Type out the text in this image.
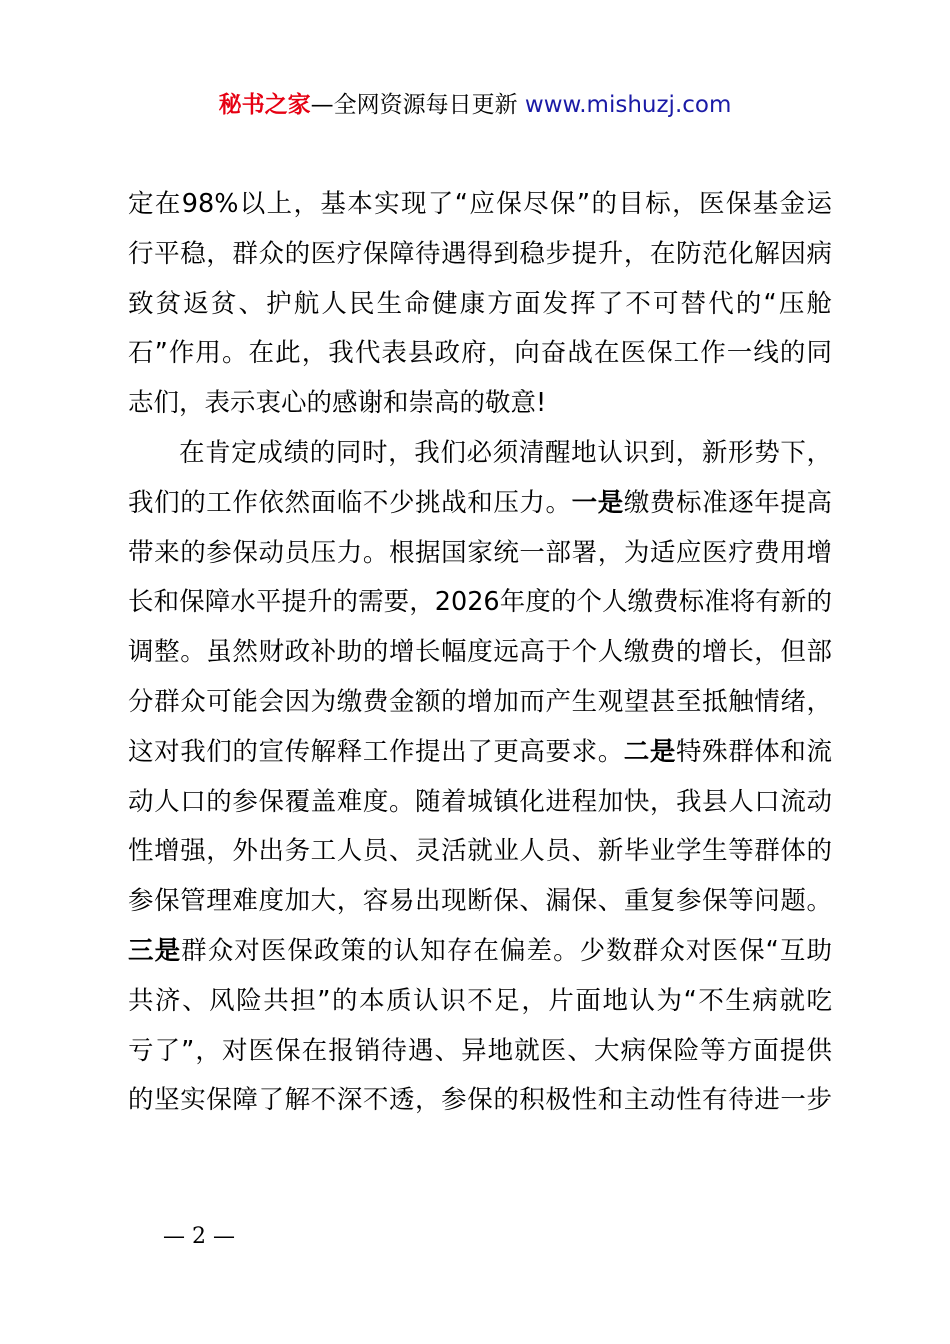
秘书之家—全网资源每日更新 www.mishuzj.com
定在98%以上，基本实现了“应保尽保”的目标，医保基金运
行平稳，群众的医疗保障待遇得到稳步提升，在防范化解因病
致贫返贫、护航人民生命健康方面发挥了不可替代的“压舱
石”作用。在此，我代表县政府，向奋战在医保工作一线的同
志们，表示衷心的感谢和崇高的敬意!
在肯定成绩的同时，我们必须清醒地认识到，新形势下，
我们的工作依然面临不少挑战和压力。一是缴费标准逐年提高
带来的参保动员压力。根据国家统一部署，为适应医疗费用增
长和保障水平提升的需要，2026年度的个人缴费标准将有新的
调整。虽然财政补助的增长幅度远高于个人缴费的增长，但部
分群众可能会因为缴费金额的增加而产生观望甚至抵触情绪，
这对我们的宣传解释工作提出了更高要求。二是特殊群体和流
动人口的参保覆盖难度。随着城镇化进程加快，我县人口流动
性增强，外出务工人员、灵活就业人员、新毕业学生等群体的
参保管理难度加大，容易出现断保、漏保、重复参保等问题。
三是群众对医保政策的认知存在偏差。少数群众对医保“互助
共济、风险共担”的本质认识不足，片面地认为“不生病就吃
亏了”，对医保在报销待遇、异地就医、大病保险等方面提供
的坚实保障了解不深不透，参保的积极性和主动性有待进一步
— 2 —
